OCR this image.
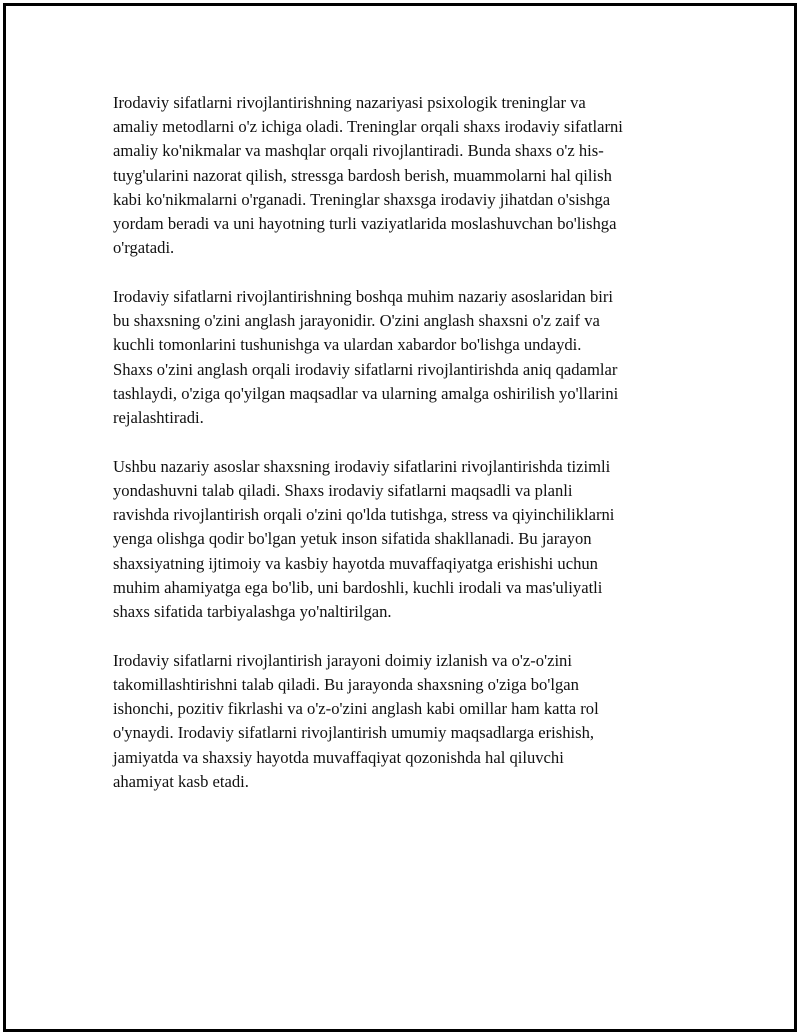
Irodaviy sifatlarni rivojlantirishning nazariyasi psixologik treninglar va
amaliy metodlarni o'z ichiga oladi. Treninglar orqali shaxs irodaviy sifatlarni
amaliy ko'nikmalar va mashqlar orqali rivojlantiradi. Bunda shaxs o'z his-
tuyg'ularini nazorat qilish, stressga bardosh berish, muammolarni hal qilish
kabi ko'nikmalarni o'rganadi. Treninglar shaxsga irodaviy jihatdan o'sishga
yordam beradi va uni hayotning turli vaziyatlarida moslashuvchan bo'lishga
o'rgatadi.

Irodaviy sifatlarni rivojlantirishning boshqa muhim nazariy asoslaridan biri
bu shaxsning o'zini anglash jarayonidir. O'zini anglash shaxsni o'z zaif va
kuchli tomonlarini tushunishga va ulardan xabardor bo'lishga undaydi.
Shaxs o'zini anglash orqali irodaviy sifatlarni rivojlantirishda aniq qadamlar
tashlaydi, o'ziga qo'yilgan maqsadlar va ularning amalga oshirilish yo'llarini
rejalashtiradi.

Ushbu nazariy asoslar shaxsning irodaviy sifatlarini rivojlantirishda tizimli
yondashuvni talab qiladi. Shaxs irodaviy sifatlarni maqsadli va planli
ravishda rivojlantirish orqali o'zini qo'lda tutishga, stress va qiyinchiliklarni
yenga olishga qodir bo'lgan yetuk inson sifatida shakllanadi. Bu jarayon
shaxsiyatning ijtimoiy va kasbiy hayotda muvaffaqiyatga erishishi uchun
muhim ahamiyatga ega bo'lib, uni bardoshli, kuchli irodali va mas'uliyatli
shaxs sifatida tarbiyalashga yo'naltirilgan.

Irodaviy sifatlarni rivojlantirish jarayoni doimiy izlanish va o'z-o'zini
takomillashtirishni talab qiladi. Bu jarayonda shaxsning o'ziga bo'lgan
ishonchi, pozitiv fikrlashi va o'z-o'zini anglash kabi omillar ham katta rol
o'ynaydi. Irodaviy sifatlarni rivojlantirish umumiy maqsadlarga erishish,
jamiyatda va shaxsiy hayotda muvaffaqiyat qozonishda hal qiluvchi
ahamiyat kasb etadi.
